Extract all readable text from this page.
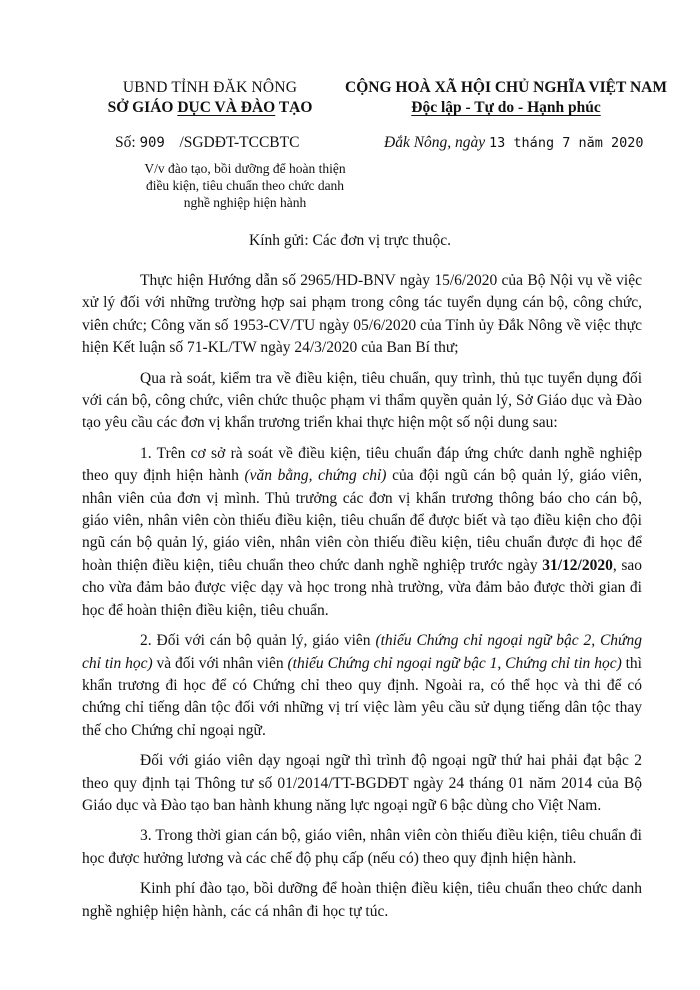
UBND TỈNH ĐĂK NÔNG
SỞ GIÁO DỤC VÀ ĐÀO TẠO
CỘNG HOÀ XÃ HỘI CHỦ NGHĨA VIỆT NAM
Độc lập - Tự do - Hạnh phúc
Số: 909 /SGDĐT-TCCBTC	Đắk Nông, ngày 13 tháng 7 năm 2020
V/v đào tạo, bồi dưỡng để hoàn thiện
điều kiện, tiêu chuẩn theo chức danh
nghề nghiệp hiện hành
Kính gửi: Các đơn vị trực thuộc.

Thực hiện Hướng dẫn số 2965/HD-BNV ngày 15/6/2020 của Bộ Nội vụ về việc xử lý đối với những trường hợp sai phạm trong công tác tuyển dụng cán bộ, công chức, viên chức; Công văn số 1953-CV/TU ngày 05/6/2020 của Tỉnh ủy Đắk Nông về việc thực hiện Kết luận số 71-KL/TW ngày 24/3/2020 của Ban Bí thư;

Qua rà soát, kiểm tra về điều kiện, tiêu chuẩn, quy trình, thủ tục tuyển dụng đối với cán bộ, công chức, viên chức thuộc phạm vi thẩm quyền quản lý, Sở Giáo dục và Đào tạo yêu cầu các đơn vị khẩn trương triển khai thực hiện một số nội dung sau:

1. Trên cơ sở rà soát về điều kiện, tiêu chuẩn đáp ứng chức danh nghề nghiệp theo quy định hiện hành (văn bằng, chứng chỉ) của đội ngũ cán bộ quản lý, giáo viên, nhân viên của đơn vị mình. Thủ trưởng các đơn vị khẩn trương thông báo cho cán bộ, giáo viên, nhân viên còn thiếu điều kiện, tiêu chuẩn để được biết và tạo điều kiện cho đội ngũ cán bộ quản lý, giáo viên, nhân viên còn thiếu điều kiện, tiêu chuẩn được đi học để hoàn thiện điều kiện, tiêu chuẩn theo chức danh nghề nghiệp trước ngày 31/12/2020, sao cho vừa đảm bảo được việc dạy và học trong nhà trường, vừa đảm bảo được thời gian đi học để hoàn thiện điều kiện, tiêu chuẩn.

2. Đối với cán bộ quản lý, giáo viên (thiếu Chứng chỉ ngoại ngữ bậc 2, Chứng chỉ tin học) và đối với nhân viên (thiếu Chứng chỉ ngoại ngữ bậc 1, Chứng chỉ tin học) thì khẩn trương đi học để có Chứng chỉ theo quy định. Ngoài ra, có thể học và thi để có chứng chỉ tiếng dân tộc đối với những vị trí việc làm yêu cầu sử dụng tiếng dân tộc thay thế cho Chứng chỉ ngoại ngữ.

Đối với giáo viên dạy ngoại ngữ thì trình độ ngoại ngữ thứ hai phải đạt bậc 2 theo quy định tại Thông tư số 01/2014/TT-BGDĐT ngày 24 tháng 01 năm 2014 của Bộ Giáo dục và Đào tạo ban hành khung năng lực ngoại ngữ 6 bậc dùng cho Việt Nam.

3. Trong thời gian cán bộ, giáo viên, nhân viên còn thiếu điều kiện, tiêu chuẩn đi học được hưởng lương và các chế độ phụ cấp (nếu có) theo quy định hiện hành.

Kinh phí đào tạo, bồi dưỡng để hoàn thiện điều kiện, tiêu chuẩn theo chức danh nghề nghiệp hiện hành, các cá nhân đi học tự túc.
